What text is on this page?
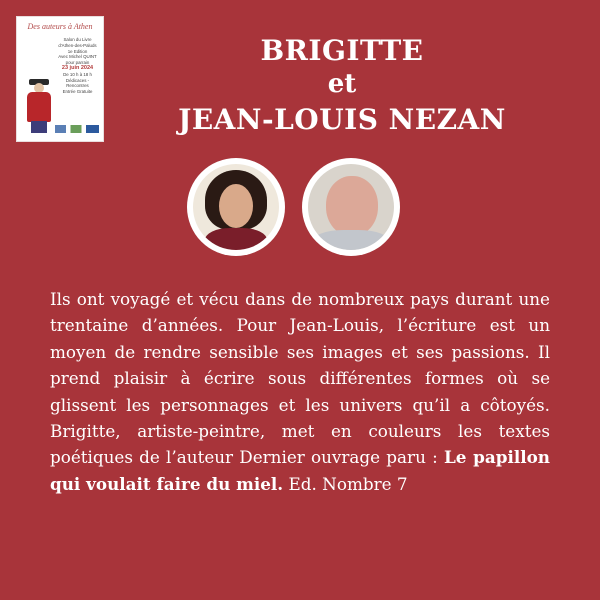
Des auteurs à Athen
Salon du Livre
d'Athen-des-Paluds
1e Edition
Avec Michel QUINT
pour parrain
23 juin 2024
De 10 h à 18 h
Dédicaces - Rencontres
Entrée Gratuite
BRIGITTE
et
JEAN-LOUIS NEZAN
Ils ont voyagé et vécu dans de nombreux pays durant une trentaine d’années. Pour Jean-Louis, l’écriture est un moyen de rendre sensible ses images et ses passions. Il prend plaisir à écrire sous différentes formes où se glissent les personnages et les univers qu’il a côtoyés. Brigitte, artiste-peintre, met en couleurs les textes poétiques de l’auteur Dernier ouvrage paru : Le papillon qui voulait faire du miel. Ed. Nombre 7
